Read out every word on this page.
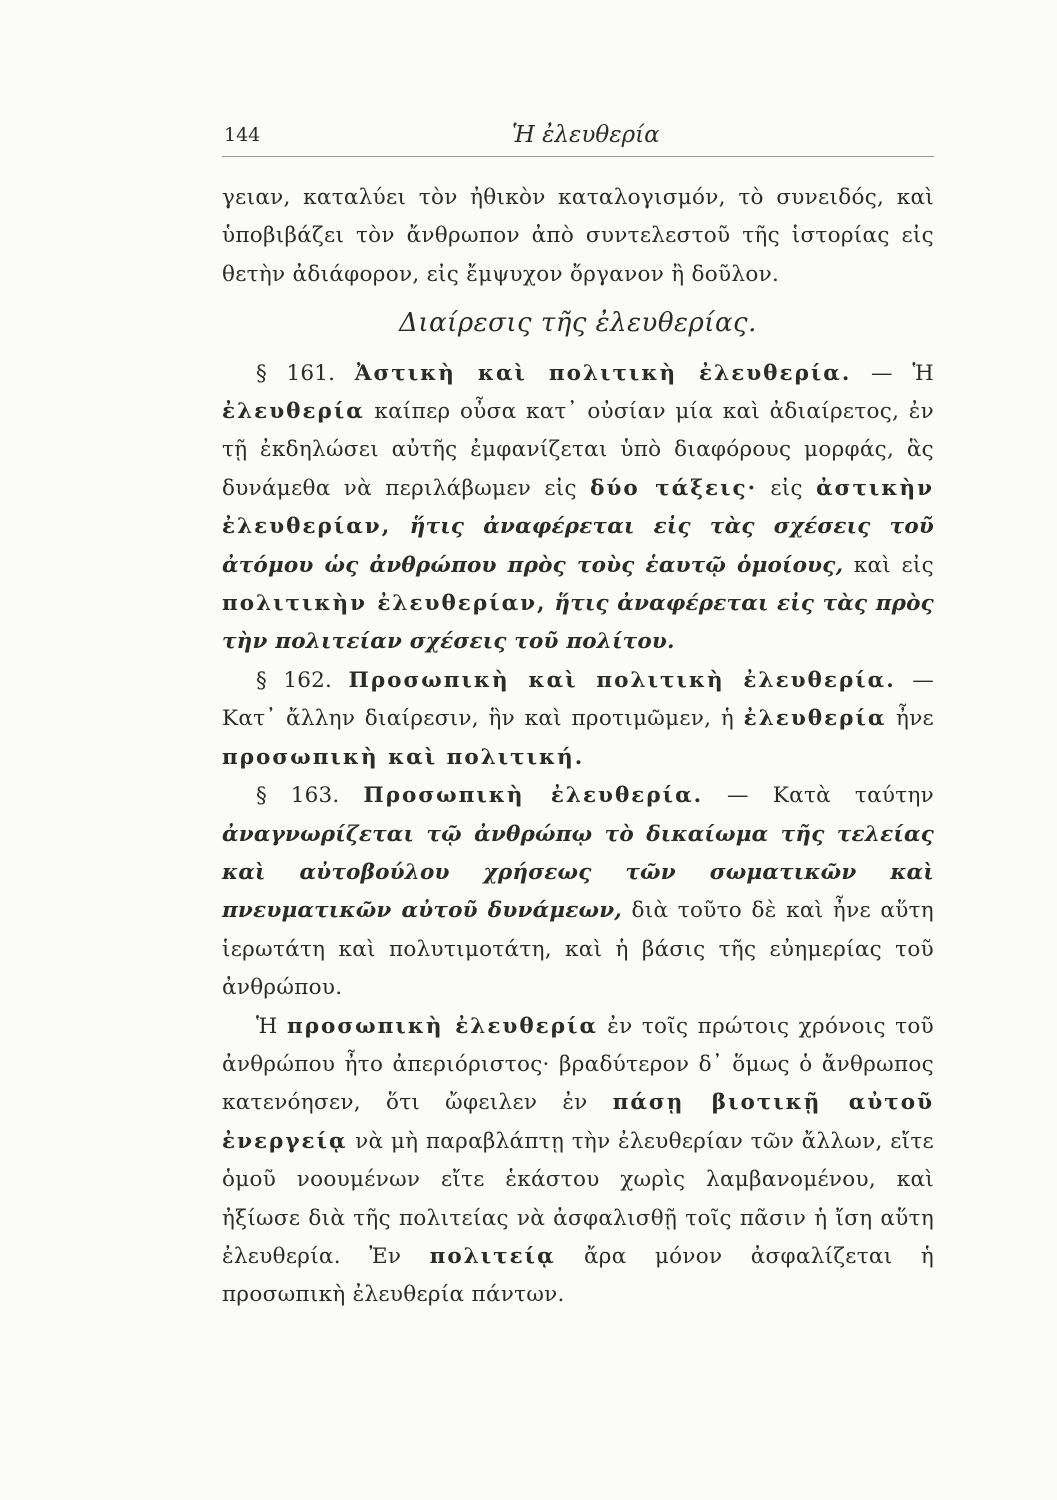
144	Ἡ ἐλευθερία

γειαν, καταλύει τὸν ἠθικὸν καταλογισμόν, τὸ συνειδός, καὶ ὑποβιβάζει τὸν ἄνθρωπον ἀπὸ συντελεστοῦ τῆς ἱστορίας εἰς θετὴν ἀδιάφορον, εἰς ἔμψυχον ὄργανον ἢ δοῦλον.

Διαίρεσις τῆς ἐλευθερίας.

§ 161. Ἀστικὴ καὶ πολιτικὴ ἐλευθερία. — Ἡ ἐλευθερία καίπερ οὖσα κατ᾿ οὐσίαν μία καὶ ἀδιαίρετος, ἐν τῇ ἐκδηλώσει αὐτῆς ἐμφανίζεται ὑπὸ διαφόρους μορφάς, ἃς δυνάμεθα νὰ περιλάβωμεν εἰς δύο τάξεις· εἰς ἀστικὴν ἐλευθερίαν, ἥτις ἀναφέρεται εἰς τὰς σχέσεις τοῦ ἀτόμου ὡς ἀνθρώπου πρὸς τοὺς ἑαυτῷ ὁμοίους, καὶ εἰς πολιτικὴν ἐλευθερίαν, ἥτις ἀναφέρεται εἰς τὰς πρὸς τὴν πολιτείαν σχέσεις τοῦ πολίτου.

§ 162. Προσωπικὴ καὶ πολιτικὴ ἐλευθερία. — Κατ᾿ ἄλλην διαίρεσιν, ἣν καὶ προτιμῶμεν, ἡ ἐλευθερία ἦνε προσωπικὴ καὶ πολιτική.

§ 163. Προσωπικὴ ἐλευθερία. — Κατὰ ταύτην ἀναγνωρίζεται τῷ ἀνθρώπῳ τὸ δικαίωμα τῆς τελείας καὶ αὐτοβούλου χρήσεως τῶν σωματικῶν καὶ πνευματικῶν αὐτοῦ δυνάμεων, διὰ τοῦτο δὲ καὶ ἦνε αὕτη ἱερωτάτη καὶ πολυτιμοτάτη, καὶ ἡ βάσις τῆς εὐημερίας τοῦ ἀνθρώπου.

Ἡ προσωπικὴ ἐλευθερία ἐν τοῖς πρώτοις χρόνοις τοῦ ἀνθρώπου ἦτο ἀπεριόριστος· βραδύτερον δ᾿ ὅμως ὁ ἄνθρωπος κατενόησεν, ὅτι ὤφειλεν ἐν πάσῃ βιοτικῇ αὐτοῦ ἐνεργείᾳ νὰ μὴ παραβλάπτῃ τὴν ἐλευθερίαν τῶν ἄλλων, εἴτε ὁμοῦ νοουμένων εἴτε ἑκάστου χωρὶς λαμβανομένου, καὶ ἠξίωσε διὰ τῆς πολιτείας νὰ ἀσφαλισθῇ τοῖς πᾶσιν ἡ ἴση αὕτη ἐλευθερία. Ἐν πολιτείᾳ ἄρα μόνον ἀσφαλίζεται ἡ προσωπικὴ ἐλευθερία πάντων.
